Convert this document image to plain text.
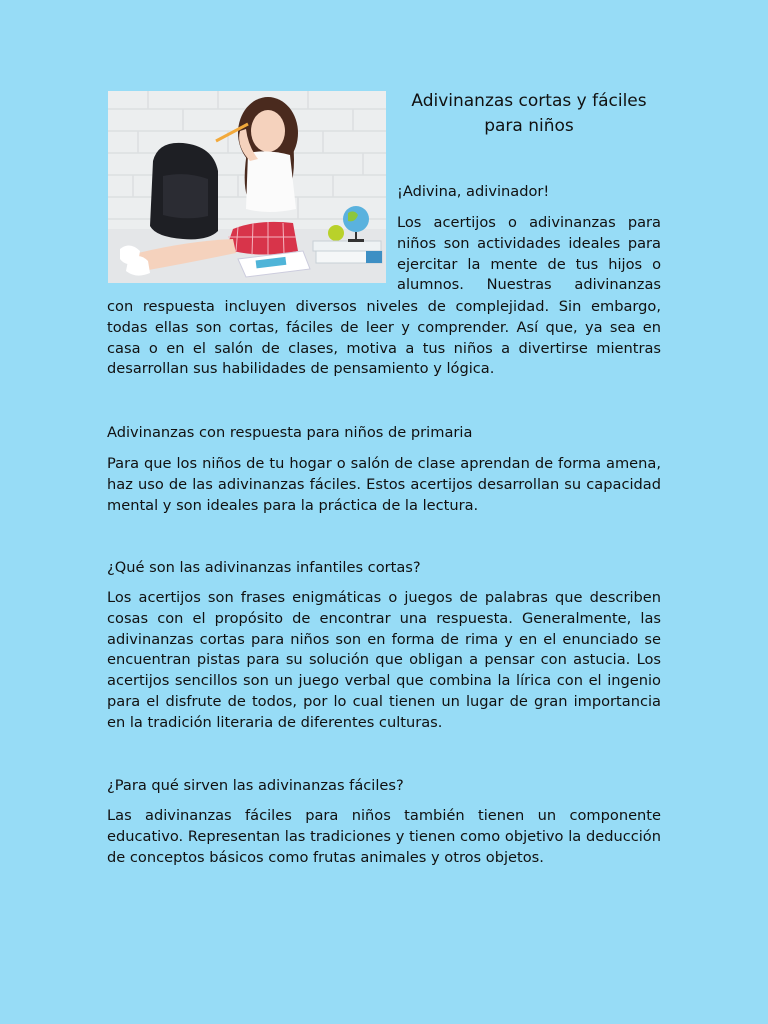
Adivinanzas cortas y fáciles para niños

¡Adivina, adivinador!

Los acertijos o adivinanzas para
niños son actividades ideales para
ejercitar la mente de tus hijos o
alumnos. Nuestras adivinanzas

con respuesta incluyen diversos niveles de complejidad. Sin embargo, todas ellas son cortas, fáciles de leer y comprender. Así que, ya sea en casa o en el salón de clases, motiva a tus niños a divertirse mientras desarrollan sus habilidades de pensamiento y lógica.

Adivinanzas con respuesta para niños de primaria

Para que los niños de tu hogar o salón de clase aprendan de forma amena, haz uso de las adivinanzas fáciles. Estos acertijos desarrollan su capacidad mental y son ideales para la práctica de la lectura.

¿Qué son las adivinanzas infantiles cortas?

Los acertijos son frases enigmáticas o juegos de palabras que describen cosas con el propósito de encontrar una respuesta. Generalmente, las adivinanzas cortas para niños son en forma de rima y en el enunciado se encuentran pistas para su solución que obligan a pensar con astucia. Los acertijos sencillos son un juego verbal que combina la lírica con el ingenio para el disfrute de todos, por lo cual tienen un lugar de gran importancia en la tradición literaria de diferentes culturas.

¿Para qué sirven las adivinanzas fáciles?

Las adivinanzas fáciles para niños también tienen un componente educativo. Representan las tradiciones y tienen como objetivo la deducción de conceptos básicos como frutas animales y otros objetos.
